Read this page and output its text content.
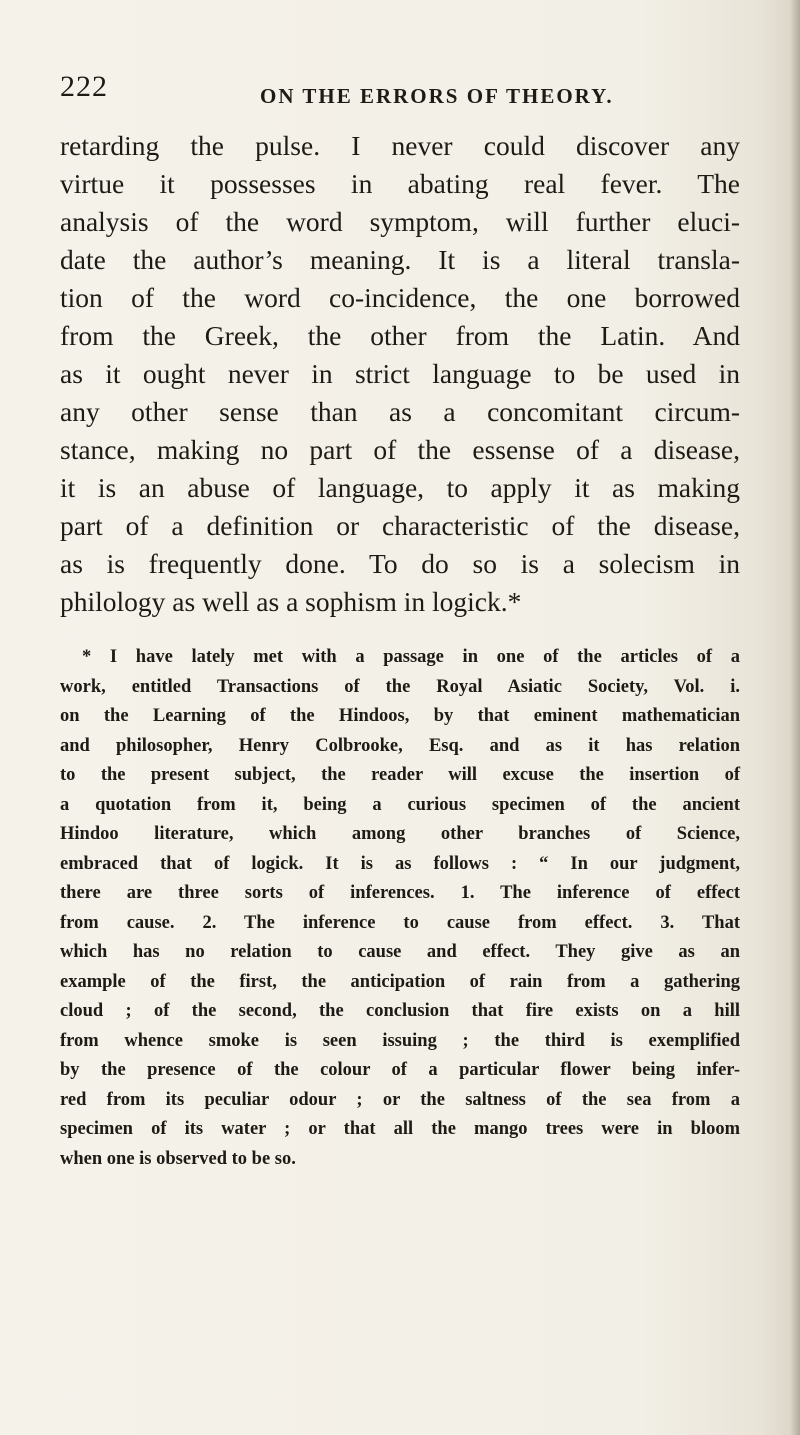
222	ON THE ERRORS OF THEORY.
retarding the pulse. I never could discover any
virtue it possesses in abating real fever. The
analysis of the word symptom, will further eluci-
date the author’s meaning. It is a literal transla-
tion of the word co-incidence, the one borrowed
from the Greek, the other from the Latin. And
as it ought never in strict language to be used in
any other sense than as a concomitant circum-
stance, making no part of the essense of a disease,
it is an abuse of language, to apply it as making
part of a definition or characteristic of the disease,
as is frequently done. To do so is a solecism in
philology as well as a sophism in logick.*
* I have lately met with a passage in one of the articles of a
work, entitled Transactions of the Royal Asiatic Society, Vol. i.
on the Learning of the Hindoos, by that eminent mathematician
and philosopher, Henry Colbrooke, Esq. and as it has relation
to the present subject, the reader will excuse the insertion of
a quotation from it, being a curious specimen of the ancient
Hindoo literature, which among other branches of Science,
embraced that of logick. It is as follows : “ In our judgment,
there are three sorts of inferences. 1. The inference of effect
from cause. 2. The inference to cause from effect. 3. That
which has no relation to cause and effect. They give as an
example of the first, the anticipation of rain from a gathering
cloud ; of the second, the conclusion that fire exists on a hill
from whence smoke is seen issuing ; the third is exemplified
by the presence of the colour of a particular flower being infer-
red from its peculiar odour ; or the saltness of the sea from a
specimen of its water ; or that all the mango trees were in bloom
when one is observed to be so.
